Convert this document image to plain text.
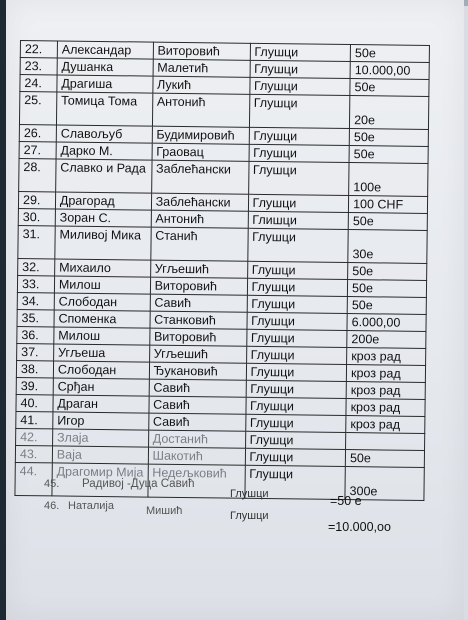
22.	Александар	Виторовић	Глушци	50е
23.	Душанка	Малетић	Глушци	10.000,00
24.	Драгиша	Лукић	Глушци	50е
25.	Томица Тома	Антонић	Глушци	20е
26.	Славољуб	Будимировић	Глушци	50е
27.	Дарко М.	Граовац	Глушци	50е
28.	Славко и Рада	Заблећански	Глушци	100е
29.	Драгорад	Заблећански	Глушци	100 CHF
30.	Зоран С.	Антонић	Глишци	50е
31.	Миливој Мика	Станић	Глушци	30е
32.	Михаило	Угљешић	Глушци	50е
33.	Милош	Виторовић	Глушци	50е
34.	Слободан	Савић	Глушци	50е
35.	Споменка	Станковић	Глушци	6.000,00
36.	Милош	Виторовић	Глушци	200е
37.	Угљеша	Угљешић	Глушци	кроз рад
38.	Слободан	Ђукановић	Глушци	кроз рад
39.	Срђан	Савић	Глушци	кроз рад
40.	Драган	Савић	Глушци	кроз рад
41.	Игор	Савић	Глушци	кроз рад
42.	Злаја	Достанић	Глушци	
43.	Ваја	Шакотић	Глушци	50е
44.	Драгомир Мија	Недељковић	Глушци	300е
45. Радивој -Дуца Савић
Глушци	=50 е
46. Наталија	Мишић	Глушци
=10.000,оо
